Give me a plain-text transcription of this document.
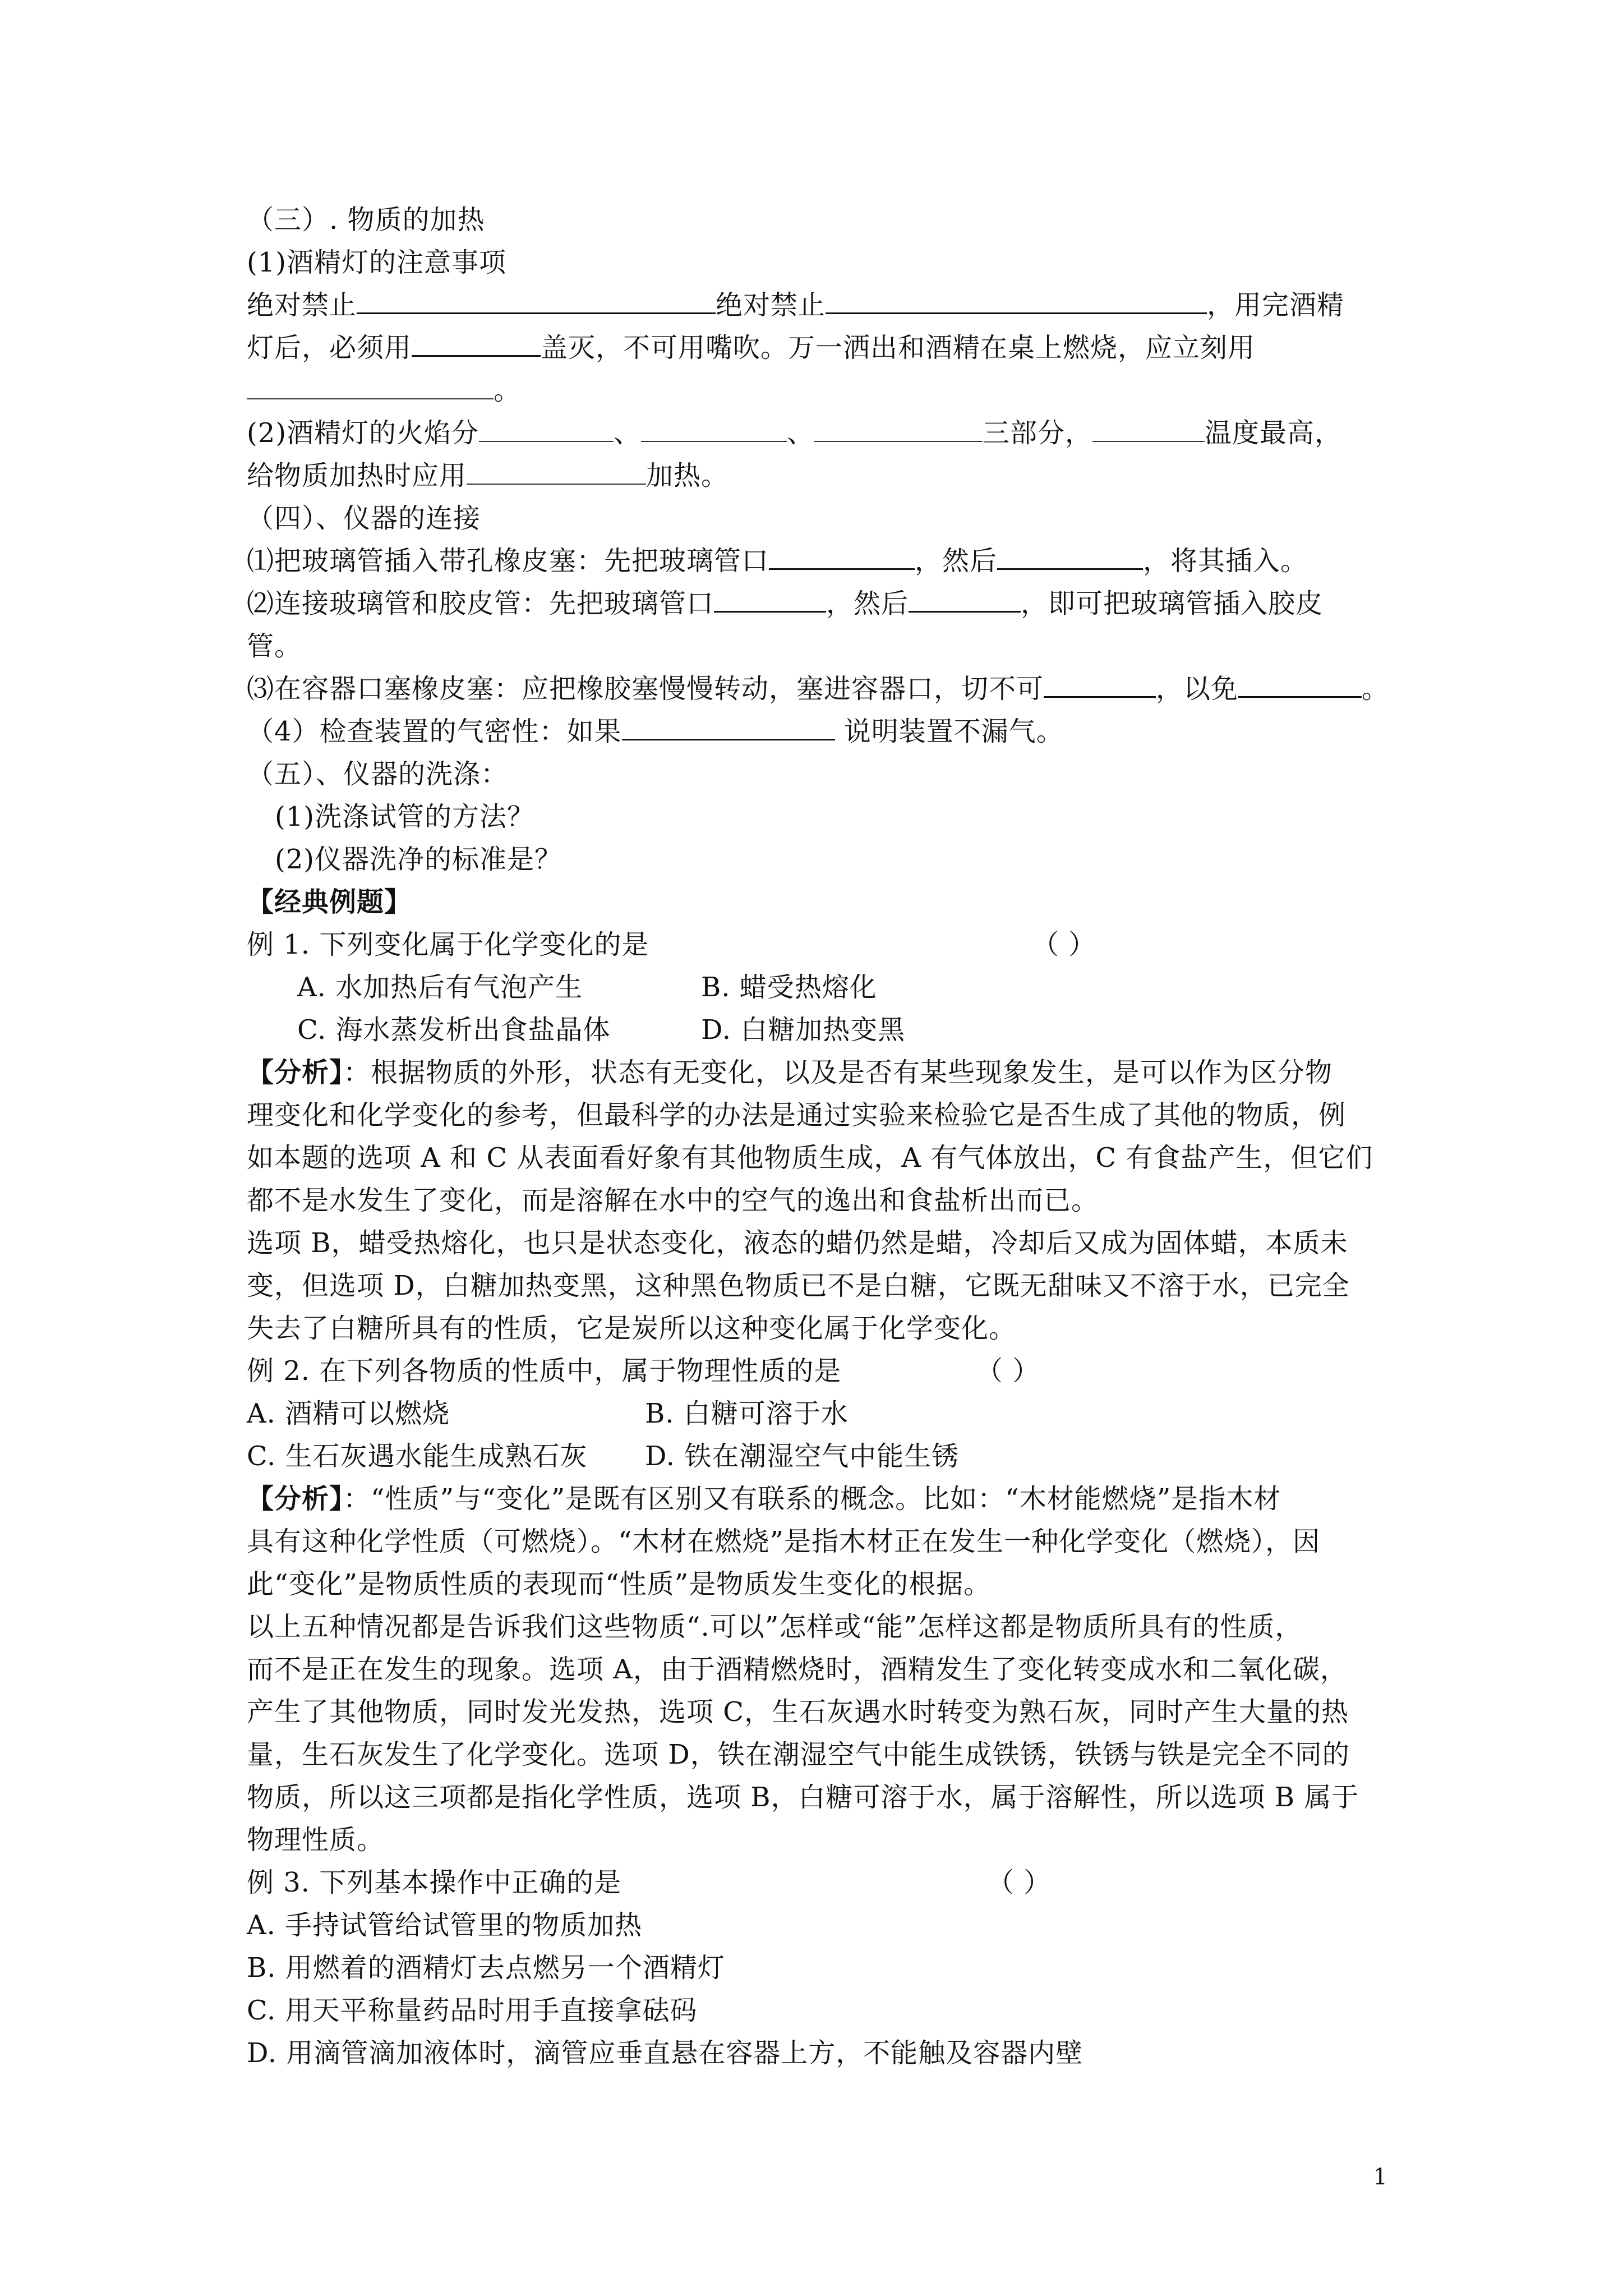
（三）. 物质的加热
(1)酒精灯的注意事项
绝对禁止	绝对禁止	，用完酒精
灯后，必须用	盖灭，不可用嘴吹。万一洒出和酒精在桌上燃烧，应立刻用
。
(2)酒精灯的火焰分	、	、	三部分，	温度最高，
给物质加热时应用	加热。
（四）、仪器的连接
⑴把玻璃管插入带孔橡皮塞：先把玻璃管口	，然后	，将其插入。
⑵连接玻璃管和胶皮管：先把玻璃管口	，然后	，即可把玻璃管插入胶皮
管。
⑶在容器口塞橡皮塞：应把橡胶塞慢慢转动，塞进容器口，切不可	，以免	。
（4）检查装置的气密性：如果	说明装置不漏气。
（五）、仪器的洗涤：
(1)洗涤试管的方法？
(2)仪器洗净的标准是？
【经典例题】
例 1. 下列变化属于化学变化的是	（ ）
A. 水加热后有气泡产生	B. 蜡受热熔化
C. 海水蒸发析出食盐晶体	D. 白糖加热变黑
【分析】：根据物质的外形，状态有无变化，以及是否有某些现象发生，是可以作为区分物
理变化和化学变化的参考，但最科学的办法是通过实验来检验它是否生成了其他的物质，例
如本题的选项 A 和 C 从表面看好象有其他物质生成，A 有气体放出，C 有食盐产生，但它们
都不是水发生了变化，而是溶解在水中的空气的逸出和食盐析出而已。
选项 B，蜡受热熔化，也只是状态变化，液态的蜡仍然是蜡，冷却后又成为固体蜡，本质未
变，但选项 D，白糖加热变黑，这种黑色物质已不是白糖，它既无甜味又不溶于水，已完全
失去了白糖所具有的性质，它是炭所以这种变化属于化学变化。
例 2. 在下列各物质的性质中，属于物理性质的是	（ ）
A. 酒精可以燃烧	B. 白糖可溶于水
C. 生石灰遇水能生成熟石灰 D. 铁在潮湿空气中能生锈
【分析】：“性质”与“变化”是既有区别又有联系的概念。比如：“木材能燃烧”是指木材
具有这种化学性质（可燃烧）。“木材在燃烧”是指木材正在发生一种化学变化（燃烧），因
此“变化”是物质性质的表现而“性质”是物质发生变化的根据。
以上五种情况都是告诉我们这些物质“.可以”怎样或“能”怎样这都是物质所具有的性质，
而不是正在发生的现象。选项 A，由于酒精燃烧时，酒精发生了变化转变成水和二氧化碳，
产生了其他物质，同时发光发热，选项 C，生石灰遇水时转变为熟石灰，同时产生大量的热
量，生石灰发生了化学变化。选项 D，铁在潮湿空气中能生成铁锈，铁锈与铁是完全不同的
物质，所以这三项都是指化学性质，选项 B，白糖可溶于水，属于溶解性，所以选项 B 属于
物理性质。
例 3. 下列基本操作中正确的是	（ ）
A. 手持试管给试管里的物质加热
B. 用燃着的酒精灯去点燃另一个酒精灯
C. 用天平称量药品时用手直接拿砝码
D. 用滴管滴加液体时，滴管应垂直悬在容器上方，不能触及容器内壁
1
